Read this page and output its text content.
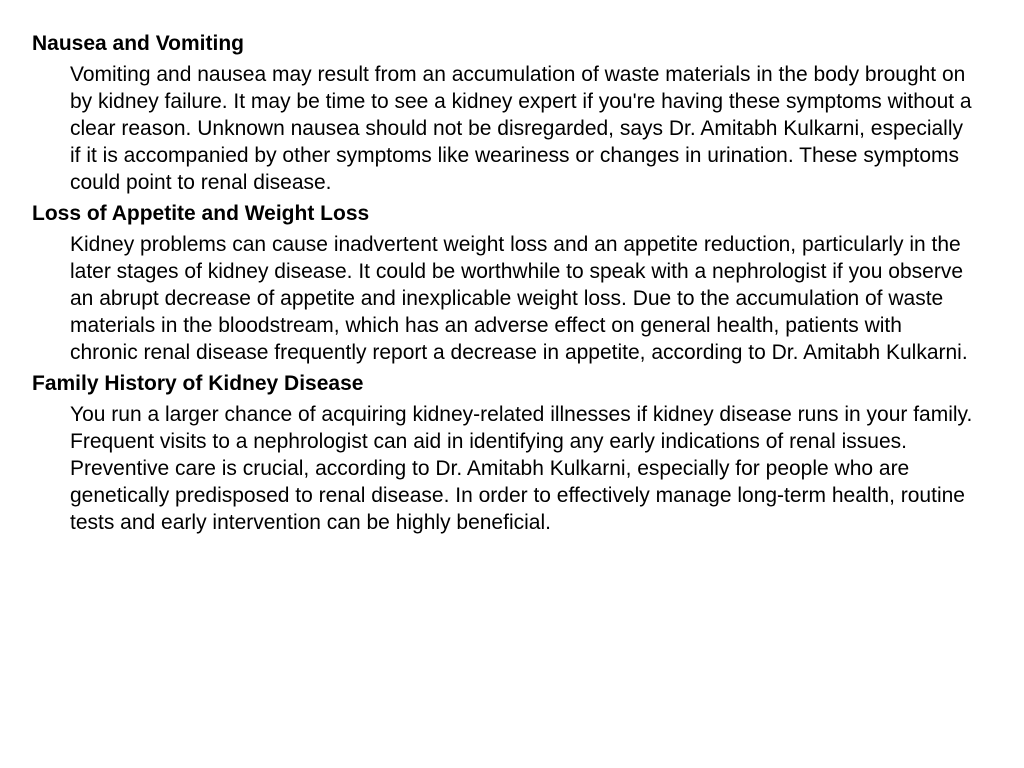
Nausea and Vomiting
Vomiting and nausea may result from an accumulation of waste materials in the body brought on by kidney failure. It may be time to see a kidney expert if you're having these symptoms without a clear reason. Unknown nausea should not be disregarded, says Dr. Amitabh Kulkarni, especially if it is accompanied by other symptoms like weariness or changes in urination. These symptoms could point to renal disease.
Loss of Appetite and Weight Loss
Kidney problems can cause inadvertent weight loss and an appetite reduction, particularly in the later stages of kidney disease. It could be worthwhile to speak with a nephrologist if you observe an abrupt decrease of appetite and inexplicable weight loss. Due to the accumulation of waste materials in the bloodstream, which has an adverse effect on general health, patients with chronic renal disease frequently report a decrease in appetite, according to Dr. Amitabh Kulkarni.
Family History of Kidney Disease
You run a larger chance of acquiring kidney-related illnesses if kidney disease runs in your family. Frequent visits to a nephrologist can aid in identifying any early indications of renal issues. Preventive care is crucial, according to Dr. Amitabh Kulkarni, especially for people who are genetically predisposed to renal disease. In order to effectively manage long-term health, routine tests and early intervention can be highly beneficial.
